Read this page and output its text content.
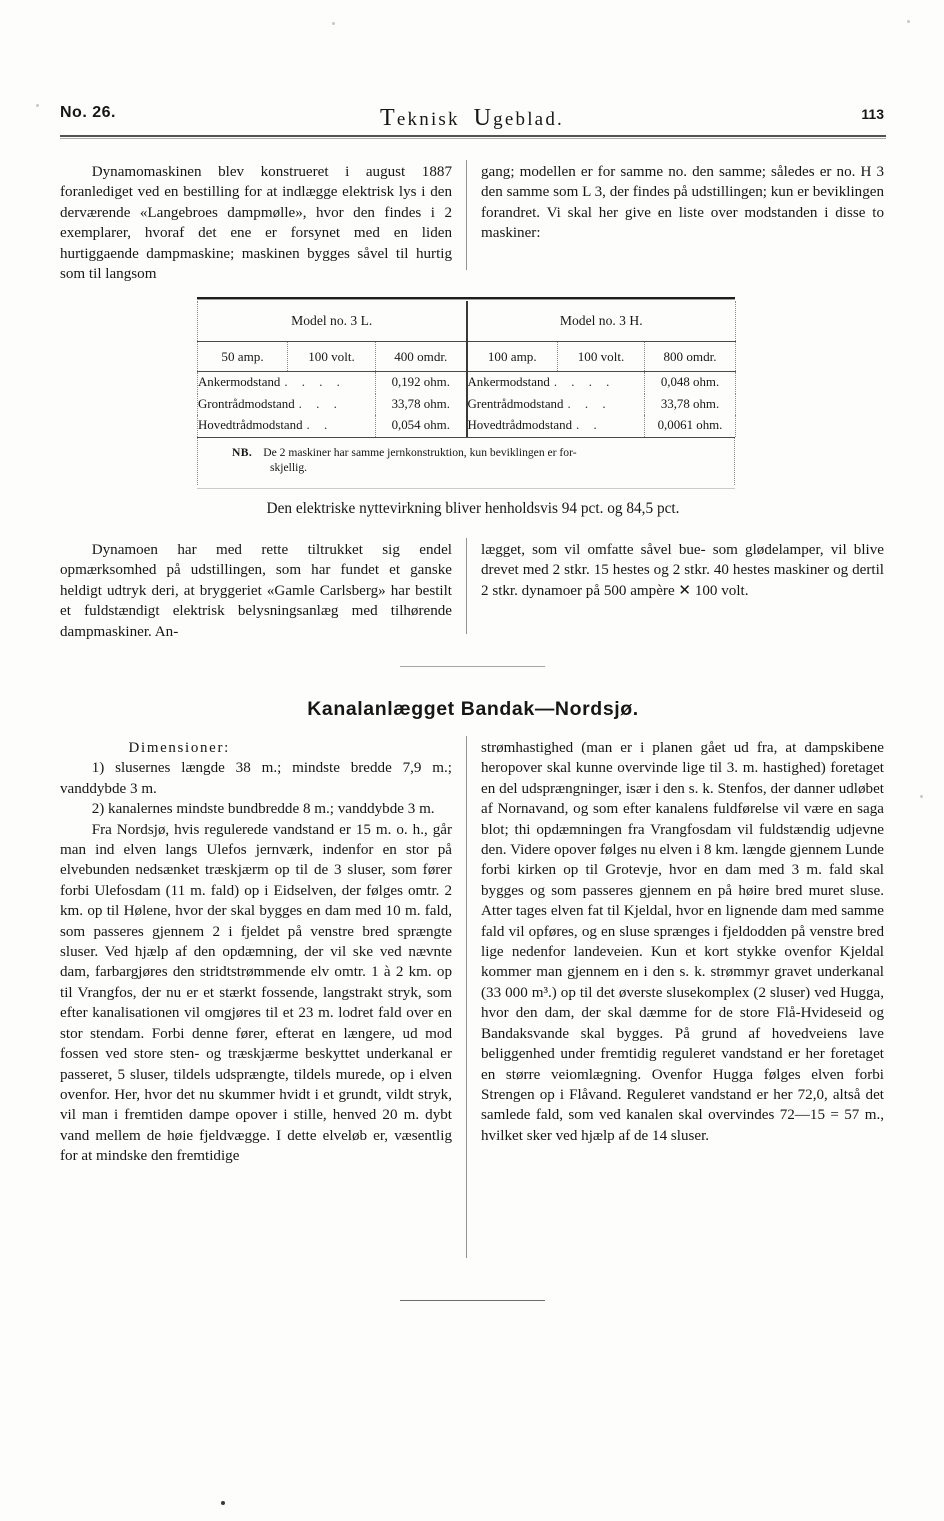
No. 26.	Teknisk Ugeblad.	113

Dynamomaskinen blev konstrueret i august 1887 foranlediget ved en bestilling for at indlægge elektrisk lys i den derværende «Langebroes dampmølle», hvor den findes i 2 exemplarer, hvoraf det ene er forsynet med en liden hurtiggaende dampmaskine; maskinen bygges såvel til hurtig som til langsom

gang; modellen er for samme no. den samme; således er no. H 3 den samme som L 3, der findes på udstillingen; kun er beviklingen forandret. Vi skal her give en liste over modstanden i disse to maskiner:

Model no. 3 L.			Model no. 3 H.		
50 amp.	100 volt.	400 omdr.	100 amp.	100 volt.	800 omdr.
Ankermodstand . . . .		0,192 ohm.	Ankermodstand . . . .		0,048 ohm.
Grontrådmodstand . . .		33,78 ohm.	Grentrådmodstand . . .		33,78 ohm.
Hovedtrådmodstand . .		0,054 ohm.	Hovedtrådmodstand . .		0,0061 ohm.
NB. De 2 maskiner har samme jernkonstruktion, kun beviklingen er for-
skjellig.
Den elektriske nyttevirkning bliver henholdsvis 94 pct. og 84,5 pct.

Dynamoen har med rette tiltrukket sig endel opmærksomhed på udstillingen, som har fundet et ganske heldigt udtryk deri, at bryggeriet «Gamle Carlsberg» har bestilt et fuldstændigt elektrisk belysningsanlæg med tilhørende dampmaskiner. An-

lægget, som vil omfatte såvel bue- som glødelamper, vil blive drevet med 2 stkr. 15 hestes og 2 stkr. 40 hestes maskiner og dertil 2 stkr. dynamoer på 500 ampère ✕ 100 volt.

Kanalanlægget Bandak—Nordsjø.

Dimensioner:

1) slusernes længde 38 m.; mindste bredde 7,9 m.; vanddybde 3 m.

2) kanalernes mindste bundbredde 8 m.; vanddybde 3 m.

Fra Nordsjø, hvis regulerede vandstand er 15 m. o. h., går man ind elven langs Ulefos jernværk, indenfor en stor på elvebunden nedsænket træskjærm op til de 3 sluser, som fører forbi Ulefosdam (11 m. fald) op i Eidselven, der følges omtr. 2 km. op til Hølene, hvor der skal bygges en dam med 10 m. fald, som passeres gjennem 2 i fjeldet på venstre bred sprængte sluser. Ved hjælp af den opdæmning, der vil ske ved nævnte dam, farbargjøres den stridtstrømmende elv omtr. 1 à 2 km. op til Vrangfos, der nu er et stærkt fossende, langstrakt stryk, som efter kanalisationen vil omgjøres til et 23 m. lodret fald over en stor stendam. Forbi denne fører, efterat en længere, ud mod fossen ved store sten- og træskjærme beskyttet underkanal er passeret, 5 sluser, tildels udsprængte, tildels murede, op i elven ovenfor. Her, hvor det nu skummer hvidt i et grundt, vildt stryk, vil man i fremtiden dampe opover i stille, henved 20 m. dybt vand mellem de høie fjeldvægge. I dette elveløb er, væsentlig for at mindske den fremtidige

strømhastighed (man er i planen gået ud fra, at dampskibene heropover skal kunne overvinde lige til 3. m. hastighed) foretaget en del udsprængninger, især i den s. k. Stenfos, der danner udløbet af Nornavand, og som efter kanalens fuldførelse vil være en saga blot; thi opdæmningen fra Vrangfosdam vil fuldstændig udjevne den. Videre opover følges nu elven i 8 km. længde gjennem Lunde forbi kirken op til Grotevje, hvor en dam med 3 m. fald skal bygges og som passeres gjennem en på høire bred muret sluse. Atter tages elven fat til Kjeldal, hvor en lignende dam med samme fald vil opføres, og en sluse sprænges i fjeldodden på venstre bred lige nedenfor landeveien. Kun et kort stykke ovenfor Kjeldal kommer man gjennem en i den s. k. strømmyr gravet underkanal (33 000 m³.) op til det øverste slusekomplex (2 sluser) ved Hugga, hvor den dam, der skal dæmme for de store Flå-Hvideseid og Bandaksvande skal bygges. På grund af hovedveiens lave beliggenhed under fremtidig reguleret vandstand er her foretaget en større veiomlægning. Ovenfor Hugga følges elven forbi Strengen op i Flåvand. Reguleret vandstand er her 72,0, altså det samlede fald, som ved kanalen skal overvindes 72—15 = 57 m., hvilket sker ved hjælp af de 14 sluser.
